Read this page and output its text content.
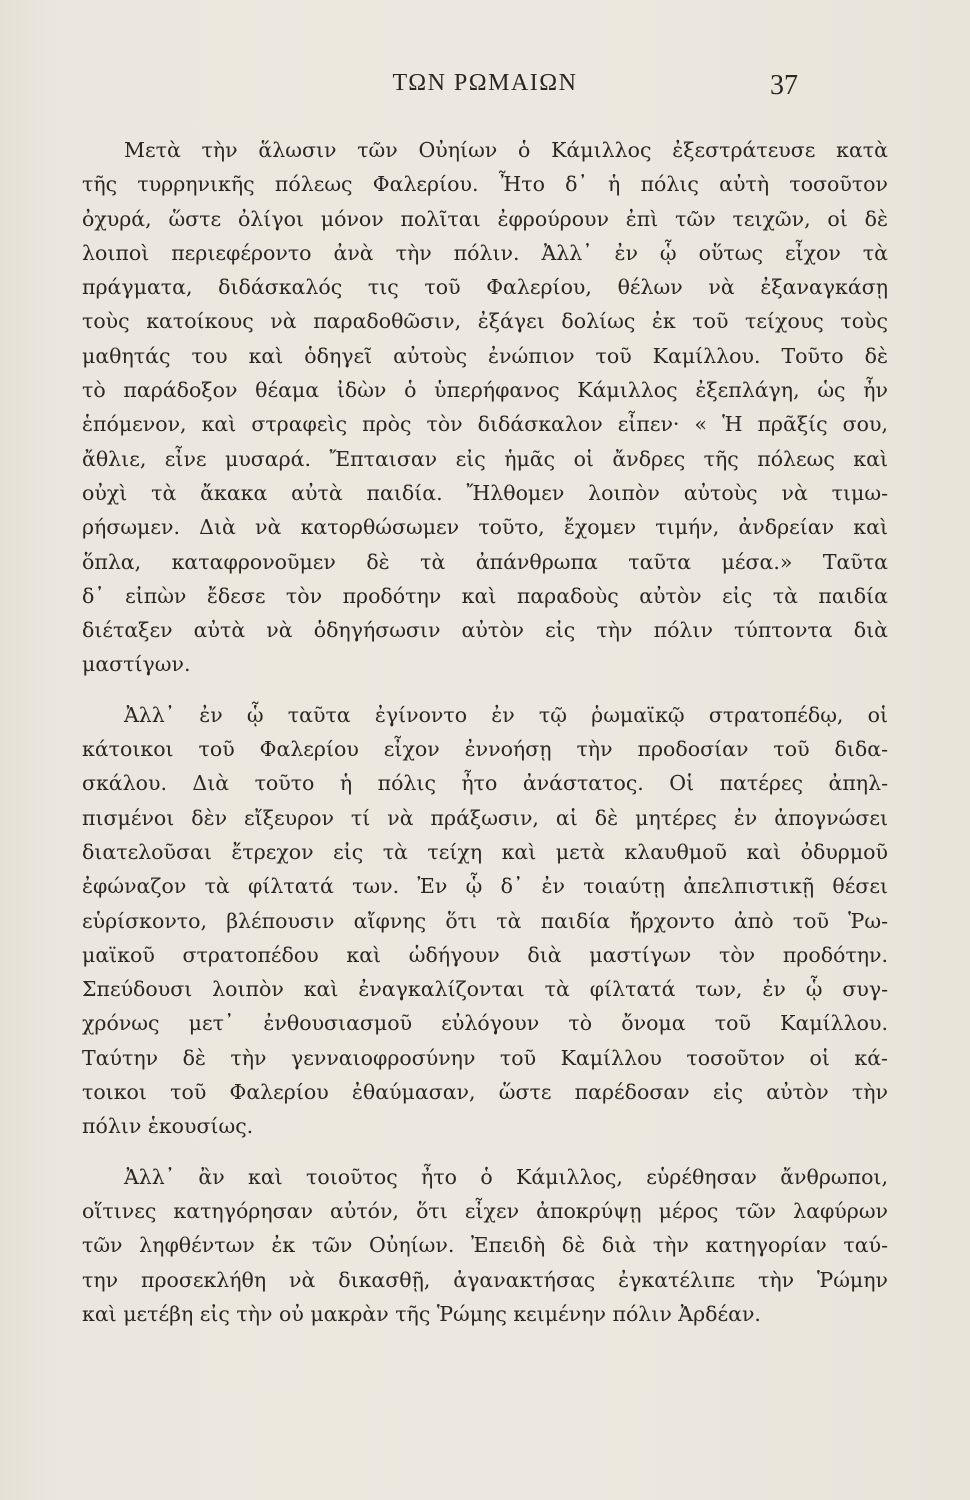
ΤΩΝ ΡΩΜΑΙΩΝ	37
Μετὰ τὴν ἅλωσιν τῶν Οὐηίων ὁ Κάμιλλος ἐξεστράτευσε κατὰ
τῆς τυρρηνικῆς πόλεως Φαλερίου. Ἦτο δ᾽ ἡ πόλις αὐτὴ τοσοῦτον
ὀχυρά, ὥστε ὀλίγοι μόνον πολῖται ἐφρούρουν ἐπὶ τῶν τειχῶν, οἱ δὲ
λοιποὶ περιεφέροντο ἀνὰ τὴν πόλιν. Ἀλλ᾽ ἐν ᾧ οὕτως εἶχον τὰ
πράγματα, διδάσκαλός τις τοῦ Φαλερίου, θέλων νὰ ἐξαναγκάσῃ
τοὺς κατοίκους νὰ παραδοθῶσιν, ἐξάγει δολίως ἐκ τοῦ τείχους τοὺς
μαθητάς του καὶ ὁδηγεῖ αὐτοὺς ἐνώπιον τοῦ Καμίλλου. Τοῦτο δὲ
τὸ παράδοξον θέαμα ἰδὼν ὁ ὑπερήφανος Κάμιλλος ἐξεπλάγη, ὡς ἦν
ἑπόμενον, καὶ στραφεὶς πρὸς τὸν διδάσκαλον εἶπεν· « Ἡ πρᾶξίς σου,
ἄθλιε, εἶνε μυσαρά. Ἔπταισαν εἰς ἡμᾶς οἱ ἄνδρες τῆς πόλεως καὶ
οὐχὶ τὰ ἄκακα αὐτὰ παιδία. Ἤλθομεν λοιπὸν αὐτοὺς νὰ τιμω-
ρήσωμεν. Διὰ νὰ κατορθώσωμεν τοῦτο, ἔχομεν τιμήν, ἀνδρείαν καὶ
ὅπλα, καταφρονοῦμεν δὲ τὰ ἀπάνθρωπα ταῦτα μέσα.» Ταῦτα
δ᾽ εἰπὼν ἔδεσε τὸν προδότην καὶ παραδοὺς αὐτὸν εἰς τὰ παιδία
διέταξεν αὐτὰ νὰ ὁδηγήσωσιν αὐτὸν εἰς τὴν πόλιν τύπτοντα διὰ
μαστίγων.
Ἀλλ᾽ ἐν ᾧ ταῦτα ἐγίνοντο ἐν τῷ ῥωμαϊκῷ στρατοπέδῳ, οἱ
κάτοικοι τοῦ Φαλερίου εἶχον ἐννοήσῃ τὴν προδοσίαν τοῦ διδα-
σκάλου. Διὰ τοῦτο ἡ πόλις ἦτο ἀνάστατος. Οἱ πατέρες ἀπηλ-
πισμένοι δὲν εἴξευρον τί νὰ πράξωσιν, αἱ δὲ μητέρες ἐν ἀπογνώσει
διατελοῦσαι ἔτρεχον εἰς τὰ τείχη καὶ μετὰ κλαυθμοῦ καὶ ὀδυρμοῦ
ἐφώναζον τὰ φίλτατά των. Ἐν ᾧ δ᾽ ἐν τοιαύτῃ ἀπελπιστικῇ θέσει
εὑρίσκοντο, βλέπουσιν αἴφνης ὅτι τὰ παιδία ἤρχοντο ἀπὸ τοῦ Ῥω-
μαϊκοῦ στρατοπέδου καὶ ὡδήγουν διὰ μαστίγων τὸν προδότην.
Σπεύδουσι λοιπὸν καὶ ἐναγκαλίζονται τὰ φίλτατά των, ἐν ᾧ συγ-
χρόνως μετ᾽ ἐνθουσιασμοῦ εὐλόγουν τὸ ὄνομα τοῦ Καμίλλου.
Ταύτην δὲ τὴν γενναιοφροσύνην τοῦ Καμίλλου τοσοῦτον οἱ κά-
τοικοι τοῦ Φαλερίου ἐθαύμασαν, ὥστε παρέδοσαν εἰς αὐτὸν τὴν
πόλιν ἑκουσίως.
Ἀλλ᾽ ἂν καὶ τοιοῦτος ἦτο ὁ Κάμιλλος, εὑρέθησαν ἄνθρωποι,
οἵτινες κατηγόρησαν αὐτόν, ὅτι εἶχεν ἀποκρύψῃ μέρος τῶν λαφύρων
τῶν ληφθέντων ἐκ τῶν Οὐηίων. Ἐπειδὴ δὲ διὰ τὴν κατηγορίαν ταύ-
την προσεκλήθη νὰ δικασθῇ, ἀγανακτήσας ἐγκατέλιπε τὴν Ῥώμην
καὶ μετέβη εἰς τὴν οὐ μακρὰν τῆς Ῥώμης κειμένην πόλιν Ἀρδέαν.
